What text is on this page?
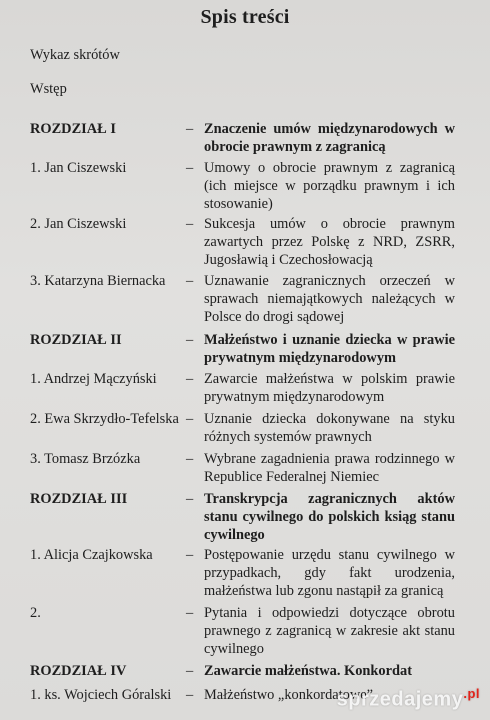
Spis treści
Wykaz skrótów
Wstęp
ROZDZIAŁ I	– Znaczenie umów międzynarodowych w obrocie prawnym z zagranicą
1. Jan Ciszewski	– Umowy o obrocie prawnym z zagranicą (ich miejsce w porządku prawnym i ich stosowanie)
2. Jan Ciszewski	– Sukcesja umów o obrocie prawnym zawartych przez Polskę z NRD, ZSRR, Jugosławią i Czechosłowacją
3. Katarzyna Biernacka – Uznawanie zagranicznych orzeczeń w sprawach niemajątkowych należących w Polsce do drogi sądowej
ROZDZIAŁ II	– Małżeństwo i uznanie dziecka w prawie prywatnym międzynarodowym
1. Andrzej Mączyński – Zawarcie małżeństwa w polskim prawie prywatnym międzynarodowym
2. Ewa Skrzydło-Tefelska – Uznanie dziecka dokonywane na styku różnych systemów prawnych
3. Tomasz Brzózka	– Wybrane zagadnienia prawa rodzinnego w Republice Federalnej Niemiec
ROZDZIAŁ III	– Transkrypcja zagranicznych aktów stanu cywilnego do polskich ksiąg stanu cywilnego
1. Alicja Czajkowska – Postępowanie urzędu stanu cywilnego w przypadkach, gdy fakt urodzenia, małżeństwa lub zgonu nastąpił za granicą
2.	– Pytania i odpowiedzi dotyczące obrotu prawnego z zagranicą w zakresie akt stanu cywilnego
ROZDZIAŁ IV	– Zawarcie małżeństwa. Konkordat
1. ks. Wojciech Góralski – Małżeństwo „konkordatowe”
sprzedajemy$^{.pl}$
